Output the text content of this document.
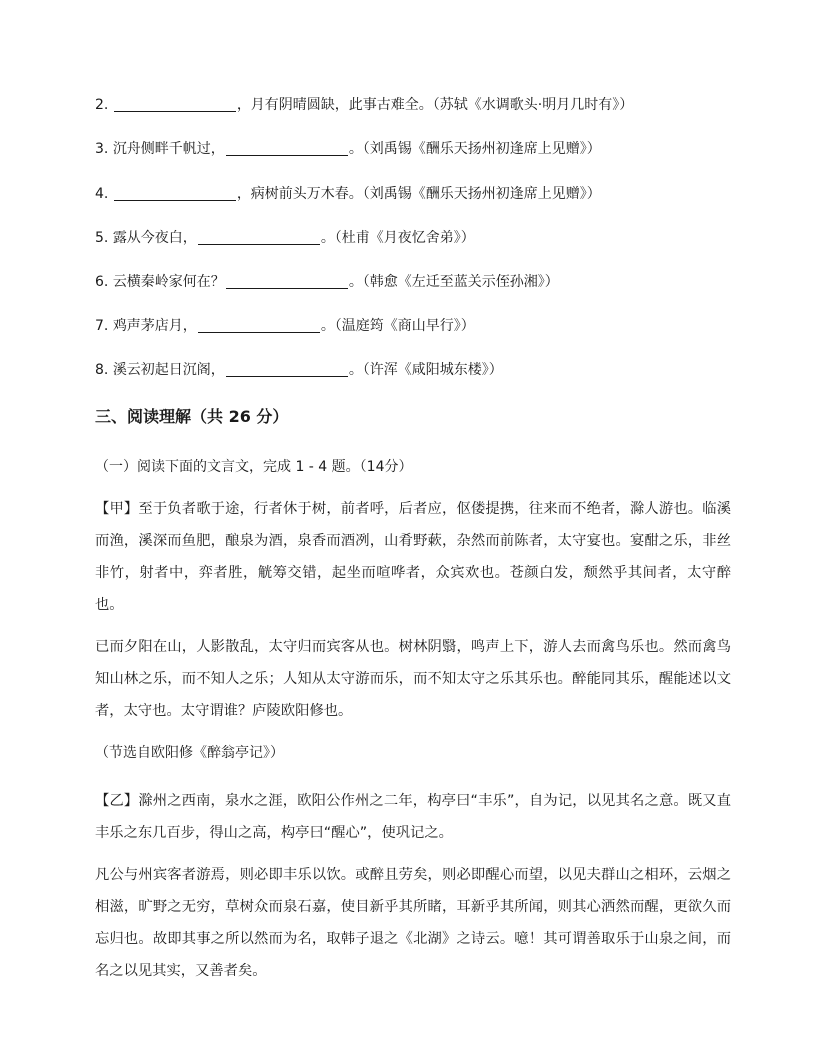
2.	，月有阴晴圆缺，此事古难全。（苏轼《水调歌头·明月几时有》）
3. 沉舟侧畔千帆过，	。（刘禹锡《酬乐天扬州初逢席上见赠》）
4.	，病树前头万木春。（刘禹锡《酬乐天扬州初逢席上见赠》）
5. 露从今夜白，	。（杜甫《月夜忆舍弟》）
6. 云横秦岭家何在？	。（韩愈《左迁至蓝关示侄孙湘》）
7. 鸡声茅店月，	。（温庭筠《商山早行》）
8. 溪云初起日沉阁，	。（许浑《咸阳城东楼》）
三、阅读理解（共 26 分）
（一）阅读下面的文言文，完成 1 - 4 题。（14分）
【甲】至于负者歌于途，行者休于树，前者呼，后者应，伛偻提携，往来而不绝者，滁人游也。临溪而渔，溪深而鱼肥，酿泉为酒，泉香而酒冽，山肴野蔌，杂然而前陈者，太守宴也。宴酣之乐，非丝非竹，射者中，弈者胜，觥筹交错，起坐而喧哗者，众宾欢也。苍颜白发，颓然乎其间者，太守醉也。
已而夕阳在山，人影散乱，太守归而宾客从也。树林阴翳，鸣声上下，游人去而禽鸟乐也。然而禽鸟知山林之乐，而不知人之乐；人知从太守游而乐，而不知太守之乐其乐也。醉能同其乐，醒能述以文者，太守也。太守谓谁？庐陵欧阳修也。
（节选自欧阳修《醉翁亭记》）
【乙】滁州之西南，泉水之涯，欧阳公作州之二年，构亭曰“丰乐”，自为记，以见其名之意。既又直丰乐之东几百步，得山之高，构亭曰“醒心”，使巩记之。
凡公与州宾客者游焉，则必即丰乐以饮。或醉且劳矣，则必即醒心而望，以见夫群山之相环，云烟之相滋，旷野之无穷，草树众而泉石嘉，使目新乎其所睹，耳新乎其所闻，则其心洒然而醒，更欲久而忘归也。故即其事之所以然而为名，取韩子退之《北湖》之诗云。噫！其可谓善取乐于山泉之间，而名之以见其实，又善者矣。
